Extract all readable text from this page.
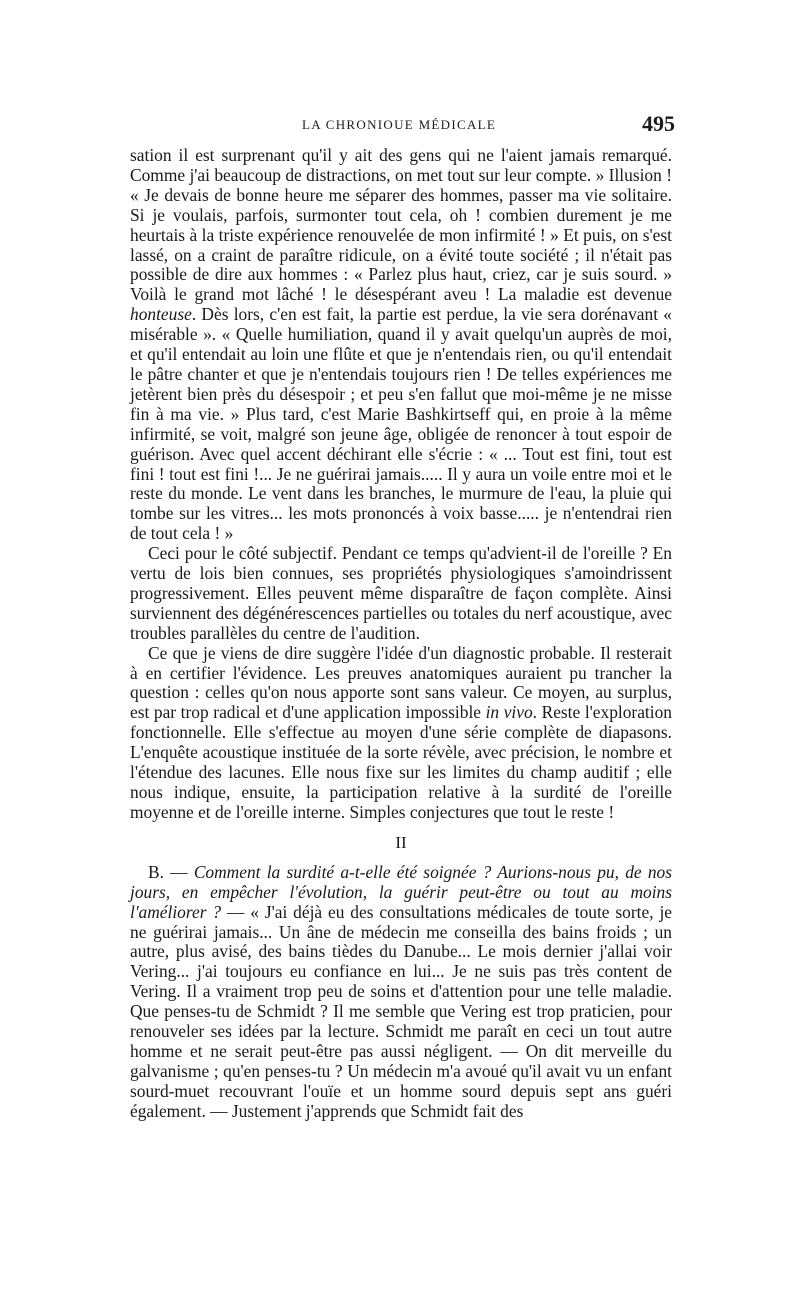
LA CHRONIOUE MÉDICALE	495

sation il est surprenant qu'il y ait des gens qui ne l'aient jamais remarqué. Comme j'ai beaucoup de distractions, on met tout sur leur compte. » Illusion ! « Je devais de bonne heure me séparer des hommes, passer ma vie solitaire. Si je voulais, parfois, surmonter tout cela, oh ! combien durement je me heurtais à la triste expérience renouvelée de mon infirmité ! » Et puis, on s'est lassé, on a craint de paraître ridicule, on a évité toute société ; il n'était pas possible de dire aux hommes : « Parlez plus haut, criez, car je suis sourd. » Voilà le grand mot lâché ! le désespérant aveu ! La maladie est devenue honteuse. Dès lors, c'en est fait, la partie est perdue, la vie sera dorénavant « misérable ». « Quelle humiliation, quand il y avait quelqu'un auprès de moi, et qu'il entendait au loin une flûte et que je n'entendais rien, ou qu'il entendait le pâtre chanter et que je n'entendais toujours rien ! De telles expériences me jetèrent bien près du désespoir ; et peu s'en fallut que moi-même je ne misse fin à ma vie. » Plus tard, c'est Marie Bashkirtseff qui, en proie à la même infirmité, se voit, malgré son jeune âge, obligée de renoncer à tout espoir de guérison. Avec quel accent déchirant elle s'écrie : « ... Tout est fini, tout est fini ! tout est fini !... Je ne guérirai jamais..... Il y aura un voile entre moi et le reste du monde. Le vent dans les branches, le murmure de l'eau, la pluie qui tombe sur les vitres... les mots prononcés à voix basse..... je n'entendrai rien de tout cela ! »

Ceci pour le côté subjectif. Pendant ce temps qu'advient-il de l'oreille ? En vertu de lois bien connues, ses propriétés physiologiques s'amoindrissent progressivement. Elles peuvent même disparaître de façon complète. Ainsi surviennent des dégénérescences partielles ou totales du nerf acoustique, avec troubles parallèles du centre de l'audition.

Ce que je viens de dire suggère l'idée d'un diagnostic probable. Il resterait à en certifier l'évidence. Les preuves anatomiques auraient pu trancher la question : celles qu'on nous apporte sont sans valeur. Ce moyen, au surplus, est par trop radical et d'une application impossible in vivo. Reste l'exploration fonctionnelle. Elle s'effectue au moyen d'une série complète de diapasons. L'enquête acoustique instituée de la sorte révèle, avec précision, le nombre et l'étendue des lacunes. Elle nous fixe sur les limites du champ auditif ; elle nous indique, ensuite, la participation relative à la surdité de l'oreille moyenne et de l'oreille interne. Simples conjectures que tout le reste !

II
B. — Comment la surdité a-t-elle été soignée ? Aurions-nous pu, de nos jours, en empêcher l'évolution, la guérir peut-être ou tout au moins l'améliorer ? — « J'ai déjà eu des consultations médicales de toute sorte, je ne guérirai jamais... Un âne de médecin me conseilla des bains froids ; un autre, plus avisé, des bains tièdes du Danube... Le mois dernier j'allai voir Vering... j'ai toujours eu confiance en lui... Je ne suis pas très content de Vering. Il a vraiment trop peu de soins et d'attention pour une telle maladie. Que penses-tu de Schmidt ? Il me semble que Vering est trop praticien, pour renouveler ses idées par la lecture. Schmidt me paraît en ceci un tout autre homme et ne serait peut-être pas aussi négligent. — On dit merveille du galvanisme ; qu'en penses-tu ? Un médecin m'a avoué qu'il avait vu un enfant sourd-muet recouvrant l'ouïe et un homme sourd depuis sept ans guéri également. — Justement j'apprends que Schmidt fait des
